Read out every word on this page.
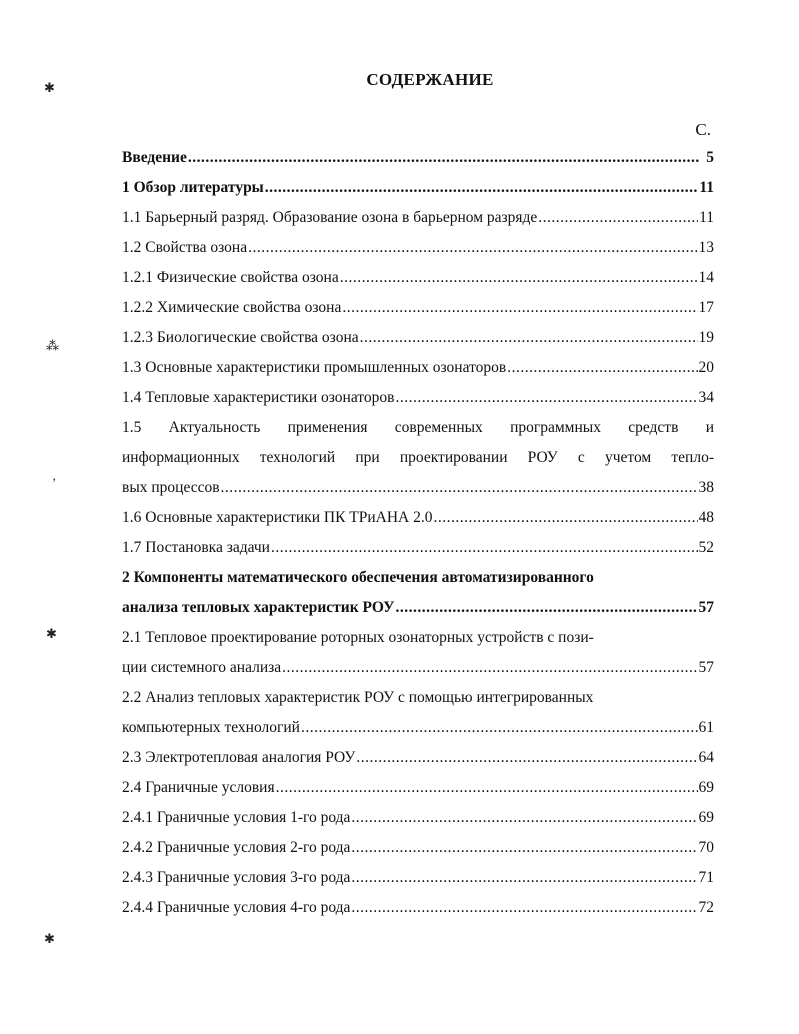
СОДЕРЖАНИЕ
С.
✱
⁂
‚
✱
✱
Введение .....	5
1 Обзор литературы .....	11
1.1 Барьерный разряд. Образование озона в барьерном разряде .....	11
1.2 Свойства озона .....	13
1.2.1 Физические свойства озона .....	14
1.2.2 Химические свойства озона .....	17
1.2.3 Биологические свойства озона .....	19
1.3 Основные характеристики промышленных озонаторов .....	20
1.4 Тепловые характеристики озонаторов .....	34
1.5 Актуальность применения современных программных средств и
информационных технологий при проектировании РОУ с учетом тепло-
вых процессов .....	38
1.6 Основные характеристики ПК ТРиАНА 2.0 .....	48
1.7 Постановка задачи .....	52
2 Компоненты математического обеспечения автоматизированного
анализа тепловых характеристик РОУ .....	57
2.1 Тепловое проектирование роторных озонаторных устройств с пози-
ции системного анализа .....	57
2.2 Анализ тепловых характеристик РОУ с помощью интегрированных
компьютерных технологий .....	61
2.3 Электротепловая аналогия РОУ .....	64
2.4 Граничные условия .....	69
2.4.1 Граничные условия 1-го рода .....	69
2.4.2 Граничные условия 2-го рода .....	70
2.4.3 Граничные условия 3-го рода .....	71
2.4.4 Граничные условия 4-го рода .....	72
